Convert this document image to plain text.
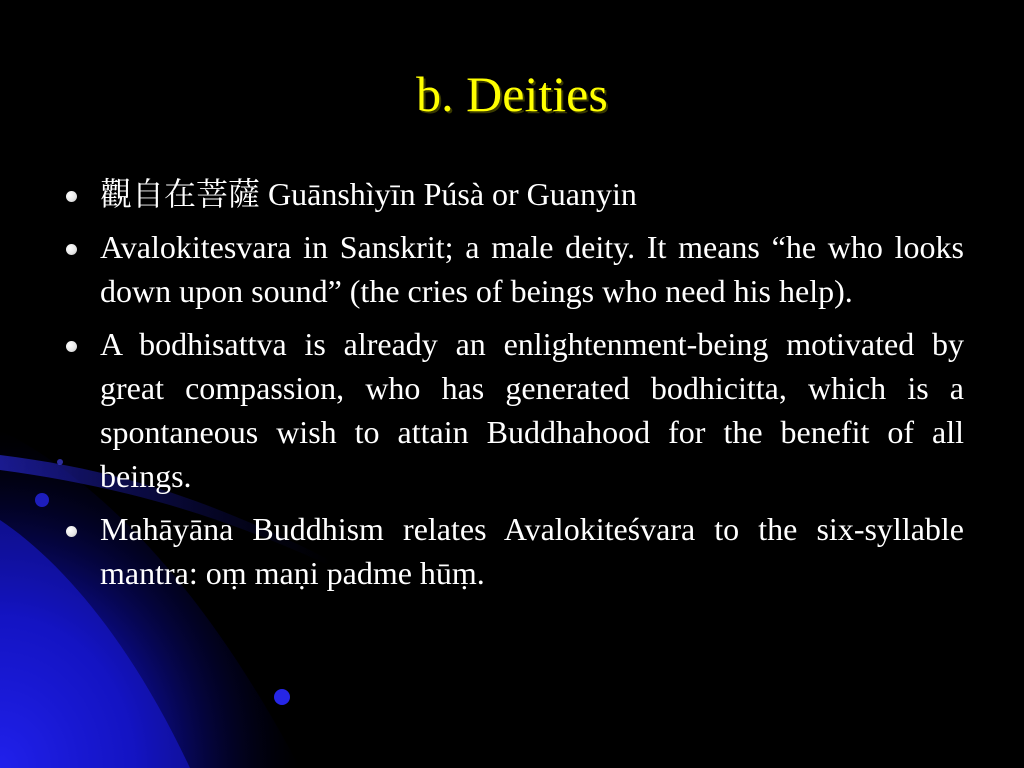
b. Deities
觀自在菩薩 Guānshìyīn Púsà or Guanyin
Avalokitesvara in Sanskrit; a male deity. It means “he who looks down upon sound” (the cries of beings who need his help).
A bodhisattva is already an enlightenment-being motivated by great compassion, who has generated bodhicitta, which is a spontaneous wish to attain Buddhahood for the benefit of all beings.
Mahāyāna Buddhism relates Avalokiteśvara to the six-syllable mantra: oṃ maṇi padme hūṃ.
